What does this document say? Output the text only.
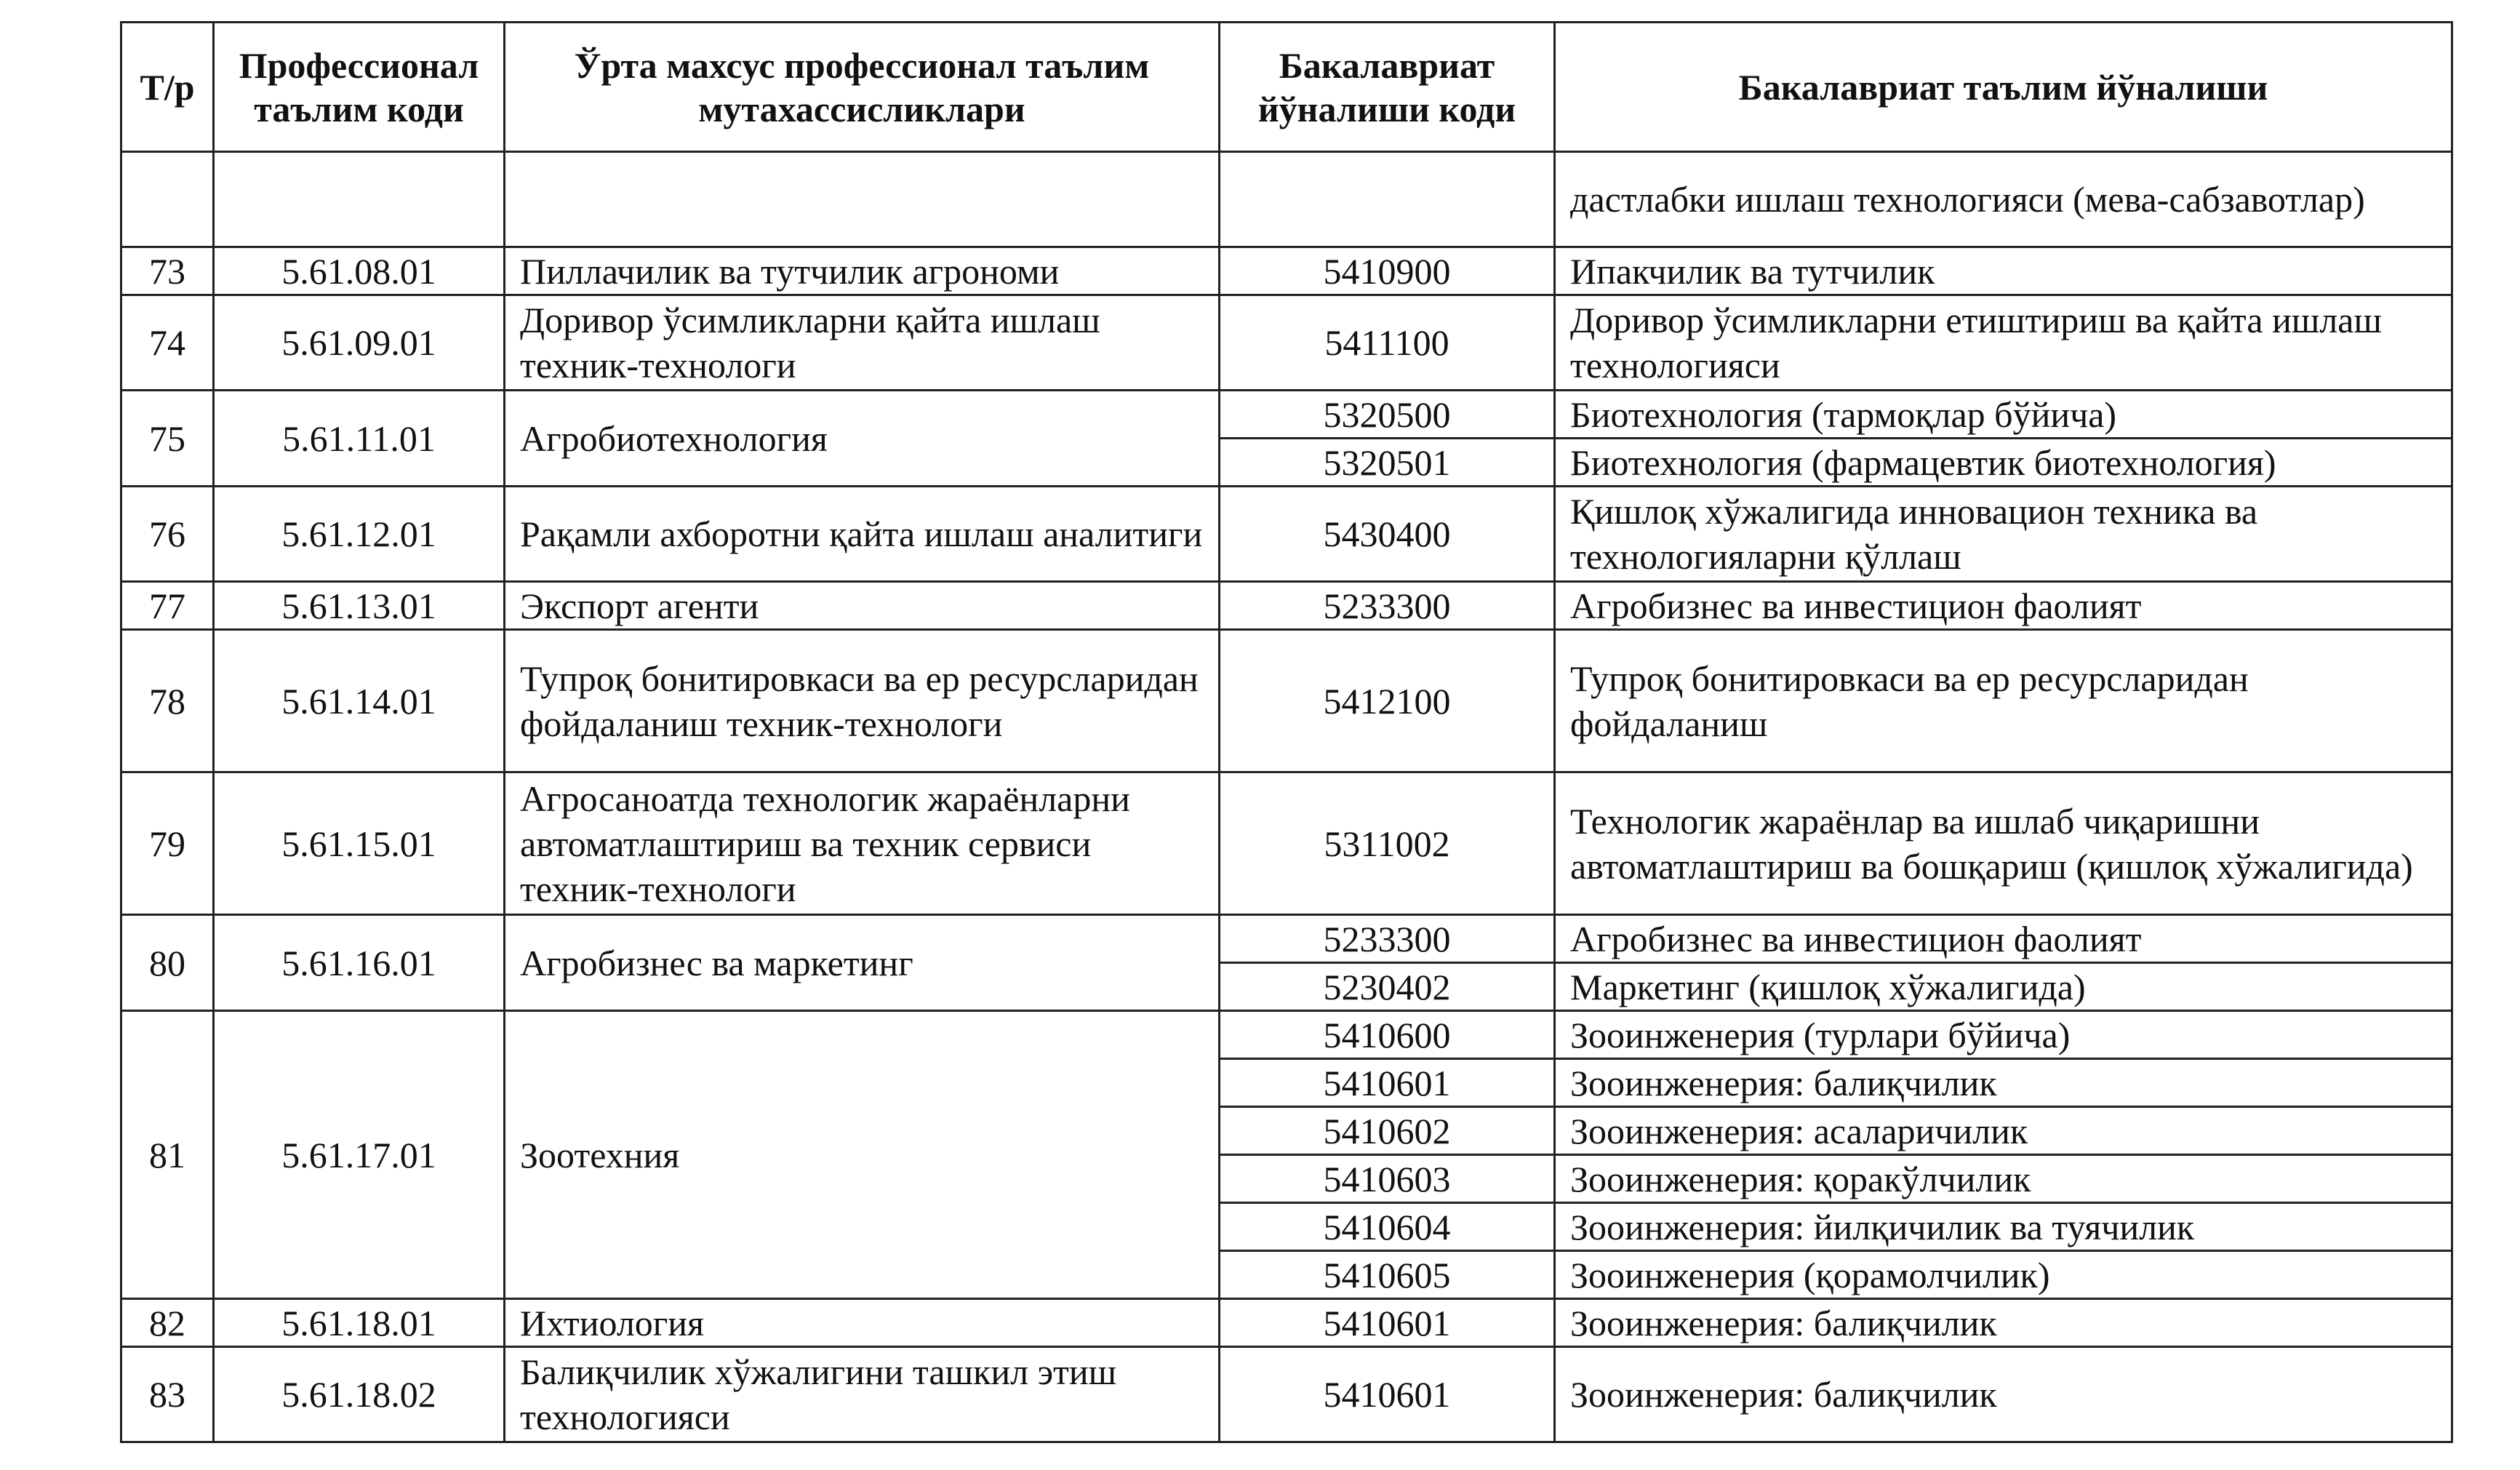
Т/р	Профессионал таълим коди	Ўрта махсус профессионал таълим мутахассисликлари	Бакалавриат йўналиши коди	Бакалавриат таълим йўналиши
				дастлабки ишлаш технологияси (мева-сабзавотлар)
73	5.61.08.01	Пиллачилик ва тутчилик агрономи	5410900	Ипакчилик ва тутчилик
74	5.61.09.01	Доривор ўсимликларни қайта ишлаш техник-технологи	5411100	Доривор ўсимликларни етиштириш ва қайта ишлаш технологияси
75	5.61.11.01	Агробиотехнология	5320500	Биотехнология (тармоқлар бўйича)
			5320501	Биотехнология (фармацевтик биотехнология)
76	5.61.12.01	Рақамли ахборотни қайта ишлаш аналитиги	5430400	Қишлоқ хўжалигида инновацион техника ва технологияларни қўллаш
77	5.61.13.01	Экспорт агенти	5233300	Агробизнес ва инвестицион фаолият
78	5.61.14.01	Тупроқ бонитировкаси ва ер ресурсларидан фойдаланиш техник-технологи	5412100	Тупроқ бонитировкаси ва ер ресурсларидан фойдаланиш
79	5.61.15.01	Агросаноатда технологик жараёнларни автоматлаштириш ва техник сервиси техник-технологи	5311002	Технологик жараёнлар ва ишлаб чиқаришни автоматлаштириш ва бошқариш (қишлоқ хўжалигида)
80	5.61.16.01	Агробизнес ва маркетинг	5233300	Агробизнес ва инвестицион фаолият
			5230402	Маркетинг (қишлоқ хўжалигида)
81	5.61.17.01	Зоотехния	5410600	Зооинженерия (турлари бўйича)
			5410601	Зооинженерия: балиқчилик
			5410602	Зооинженерия: асаларичилик
			5410603	Зооинженерия: қоракўлчилик
			5410604	Зооинженерия: йилқичилик ва туячилик
			5410605	Зооинженерия (қорамолчилик)
82	5.61.18.01	Ихтиология	5410601	Зооинженерия: балиқчилик
83	5.61.18.02	Балиқчилик хўжалигини ташкил этиш технологияси	5410601	Зооинженерия: балиқчилик
